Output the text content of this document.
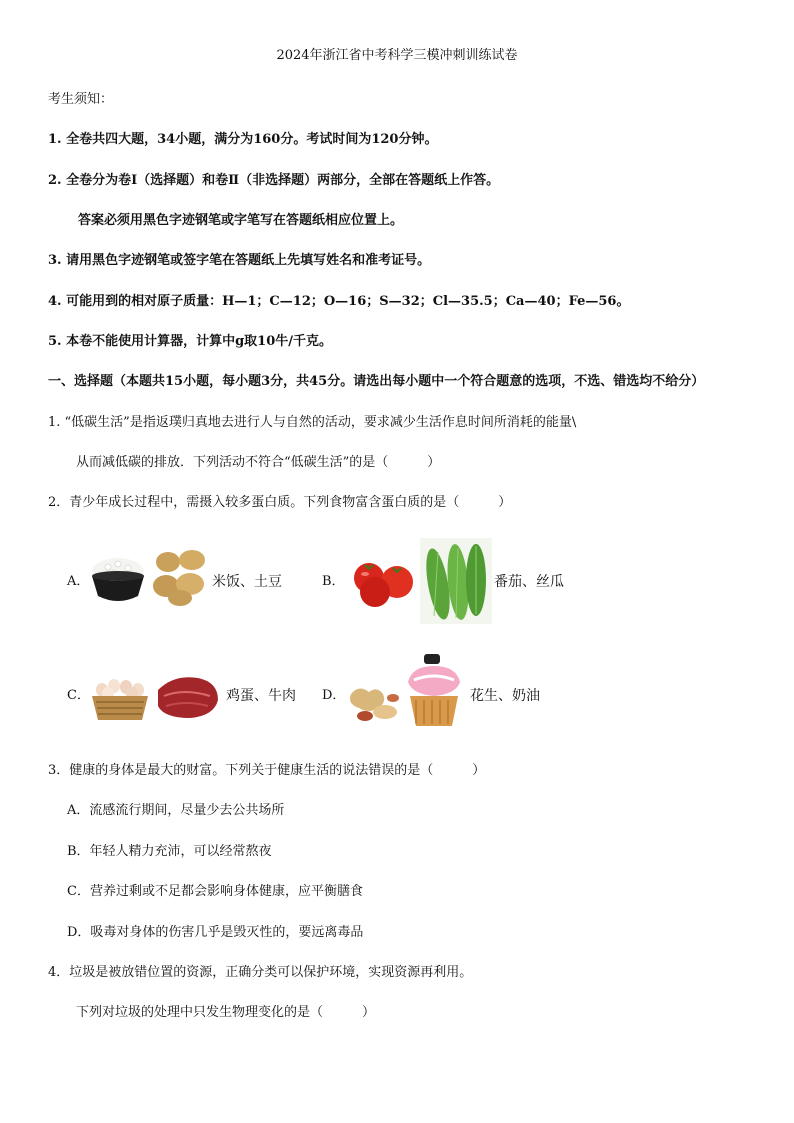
2024年浙江省中考科学三模冲刺训练试卷
考生须知：
1. 全卷共四大题，34小题，满分为160分。考试时间为120分钟。
2. 全卷分为卷Ⅰ（选择题）和卷Ⅱ（非选择题）两部分，全部在答题纸上作答。
答案必须用黑色字迹钢笔或字笔写在答题纸相应位置上。
3. 请用黑色字迹钢笔或签字笔在答题纸上先填写姓名和准考证号。
4. 可能用到的相对原子质量：H—1；C—12；O—16；S—32；Cl—35.5；Ca—40；Fe—56。
5. 本卷不能使用计算器，计算中g取10牛/千克。
一、选择题（本题共15小题，每小题3分，共45分。请选出每小题中一个符合题意的选项，不选、错选均不给分）
1. “低碳生活”是指返璞归真地去进行人与自然的活动，要求减少生活作息时间所消耗的能量\
从而减低碳的排放．下列活动不符合“低碳生活”的是（　　　）
2．青少年成长过程中，需摄入较多蛋白质。下列食物富含蛋白质的是（　　　）
A．	米饭、土豆	B．	番茄、丝瓜
C．	鸡蛋、牛肉 D．	花生、奶油
3．健康的身体是最大的财富。下列关于健康生活的说法错误的是（　　　）
A．流感流行期间，尽量少去公共场所
B．年轻人精力充沛，可以经常熬夜
C．营养过剩或不足都会影响身体健康，应平衡膳食
D．吸毒对身体的伤害几乎是毁灭性的，要远离毒品
4．垃圾是被放错位置的资源，正确分类可以保护环境，实现资源再利用。
下列对垃圾的处理中只发生物理变化的是（　　　）
